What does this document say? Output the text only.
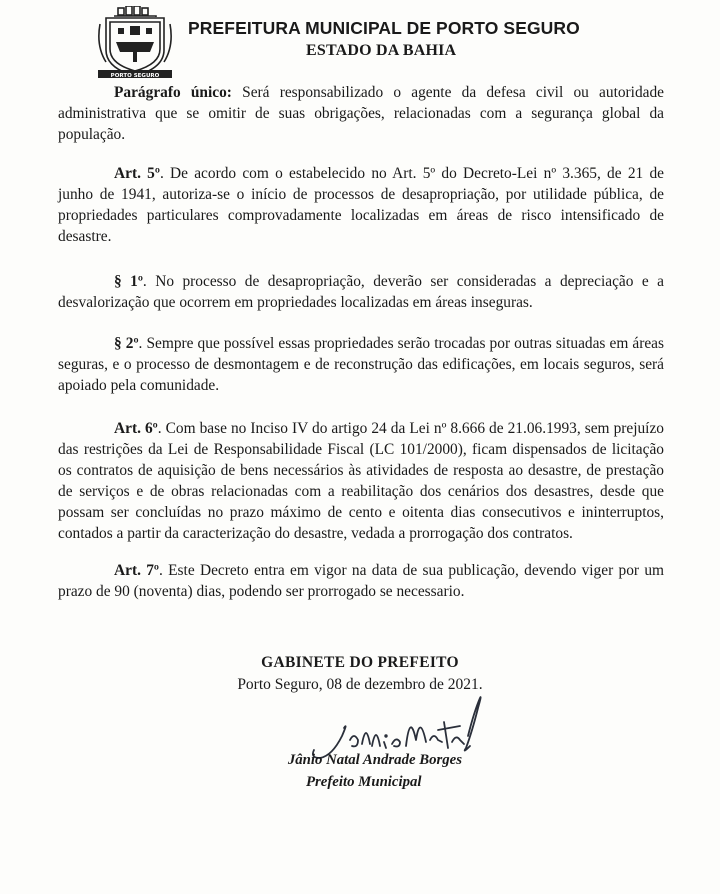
PORTO SEGURO
PREFEITURA MUNICIPAL DE PORTO SEGURO
ESTADO DA BAHIA

Parágrafo único: Será responsabilizado o agente da defesa civil ou autoridade administrativa que se omitir de suas obrigações, relacionadas com a segurança global da população.

Art. 5º. De acordo com o estabelecido no Art. 5º do Decreto-Lei nº 3.365, de 21 de junho de 1941, autoriza-se o início de processos de desapropriação, por utilidade pública, de propriedades particulares comprovadamente localizadas em áreas de risco intensificado de desastre.

§ 1º. No processo de desapropriação, deverão ser consideradas a depreciação e a desvalorização que ocorrem em propriedades localizadas em áreas inseguras.

§ 2º. Sempre que possível essas propriedades serão trocadas por outras situadas em áreas seguras, e o processo de desmontagem e de reconstrução das edificações, em locais seguros, será apoiado pela comunidade.

Art. 6º. Com base no Inciso IV do artigo 24 da Lei nº 8.666 de 21.06.1993, sem prejuízo das restrições da Lei de Responsabilidade Fiscal (LC 101/2000), ficam dispensados de licitação os contratos de aquisição de bens necessários às atividades de resposta ao desastre, de prestação de serviços e de obras relacionadas com a reabilitação dos cenários dos desastres, desde que possam ser concluídas no prazo máximo de cento e oitenta dias consecutivos e ininterruptos, contados a partir da caracterização do desastre, vedada a prorrogação dos contratos.

Art. 7º. Este Decreto entra em vigor na data de sua publicação, devendo viger por um prazo de 90 (noventa) dias, podendo ser prorrogado se necessario.

GABINETE DO PREFEITO
Porto Seguro, 08 de dezembro de 2021.
Jânio Natal Andrade Borges
Prefeito Municipal
